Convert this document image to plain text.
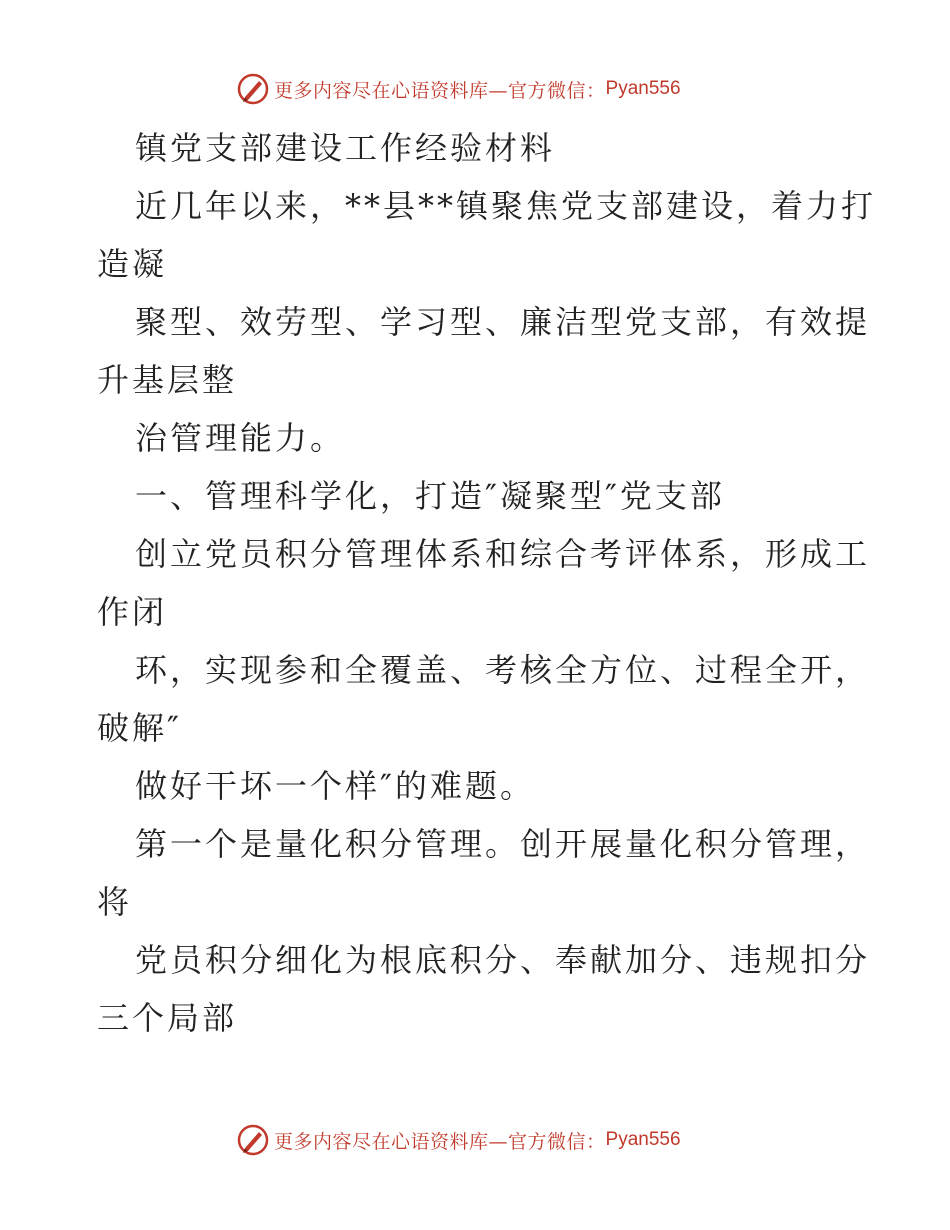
更多内容尽在心语资料库—官方微信： Pyan556
镇党支部建设工作经验材料
近几年以来，**县**镇聚焦党支部建设，着力打
造凝
聚型、效劳型、学习型、廉洁型党支部，有效提
升基层整
治管理能力。
一、管理科学化，打造″凝聚型″党支部
创立党员积分管理体系和综合考评体系，形成工
作闭
环，实现参和全覆盖、考核全方位、过程全开，
破解″
做好干坏一个样″的难题。
第一个是量化积分管理。创开展量化积分管理，
将
党员积分细化为根底积分、奉献加分、违规扣分
三个局部
更多内容尽在心语资料库—官方微信： Pyan556
